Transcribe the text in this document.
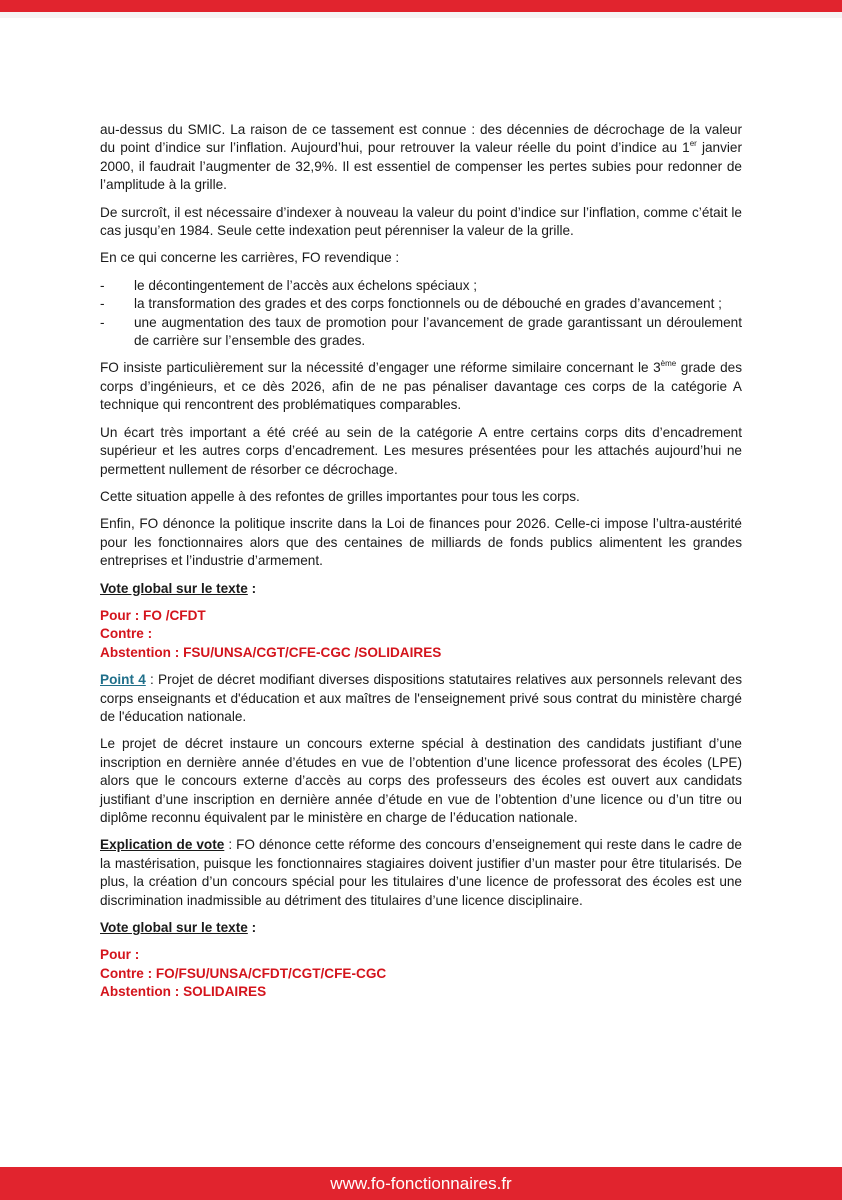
au-dessus du SMIC. La raison de ce tassement est connue : des décennies de décrochage de la valeur du point d’indice sur l’inflation. Aujourd’hui, pour retrouver la valeur réelle du point d’indice au 1er janvier 2000, il faudrait l’augmenter de 32,9%. Il est essentiel de compenser les pertes subies pour redonner de l’amplitude à la grille.

De surcroît, il est nécessaire d’indexer à nouveau la valeur du point d’indice sur l’inflation, comme c’était le cas jusqu’en 1984. Seule cette indexation peut pérenniser la valeur de la grille.

En ce qui concerne les carrières, FO revendique :

- le décontingentement de l’accès aux échelons spéciaux ;
- la transformation des grades et des corps fonctionnels ou de débouché en grades d’avancement ;
- une augmentation des taux de promotion pour l’avancement de grade garantissant un déroulement de carrière sur l’ensemble des grades.

FO insiste particulièrement sur la nécessité d’engager une réforme similaire concernant le 3ème grade des corps d’ingénieurs, et ce dès 2026, afin de ne pas pénaliser davantage ces corps de la catégorie A technique qui rencontrent des problématiques comparables.

Un écart très important a été créé au sein de la catégorie A entre certains corps dits d’encadrement supérieur et les autres corps d’encadrement. Les mesures présentées pour les attachés aujourd’hui ne permettent nullement de résorber ce décrochage.

Cette situation appelle à des refontes de grilles importantes pour tous les corps.

Enfin, FO dénonce la politique inscrite dans la Loi de finances pour 2026. Celle-ci impose l’ultra-austérité pour les fonctionnaires alors que des centaines de milliards de fonds publics alimentent les grandes entreprises et l’industrie d’armement.

Vote global sur le texte :

Pour : FO /CFDT
Contre :
Abstention : FSU/UNSA/CGT/CFE-CGC /SOLIDAIRES

Point 4 : Projet de décret modifiant diverses dispositions statutaires relatives aux personnels relevant des corps enseignants et d'éducation et aux maîtres de l'enseignement privé sous contrat du ministère chargé de l'éducation nationale.

Le projet de décret instaure un concours externe spécial à destination des candidats justifiant d’une inscription en dernière année d’études en vue de l’obtention d’une licence professorat des écoles (LPE) alors que le concours externe d’accès au corps des professeurs des écoles est ouvert aux candidats justifiant d’une inscription en dernière année d’étude en vue de l’obtention d’une licence ou d’un titre ou diplôme reconnu équivalent par le ministère en charge de l’éducation nationale.

Explication de vote : FO dénonce cette réforme des concours d’enseignement qui reste dans le cadre de la mastérisation, puisque les fonctionnaires stagiaires doivent justifier d’un master pour être titularisés. De plus, la création d’un concours spécial pour les titulaires d’une licence de professorat des écoles est une discrimination inadmissible au détriment des titulaires d’une licence disciplinaire.

Vote global sur le texte :

Pour :
Contre : FO/FSU/UNSA/CFDT/CGT/CFE-CGC
Abstention : SOLIDAIRES
www.fo-fonctionnaires.fr
